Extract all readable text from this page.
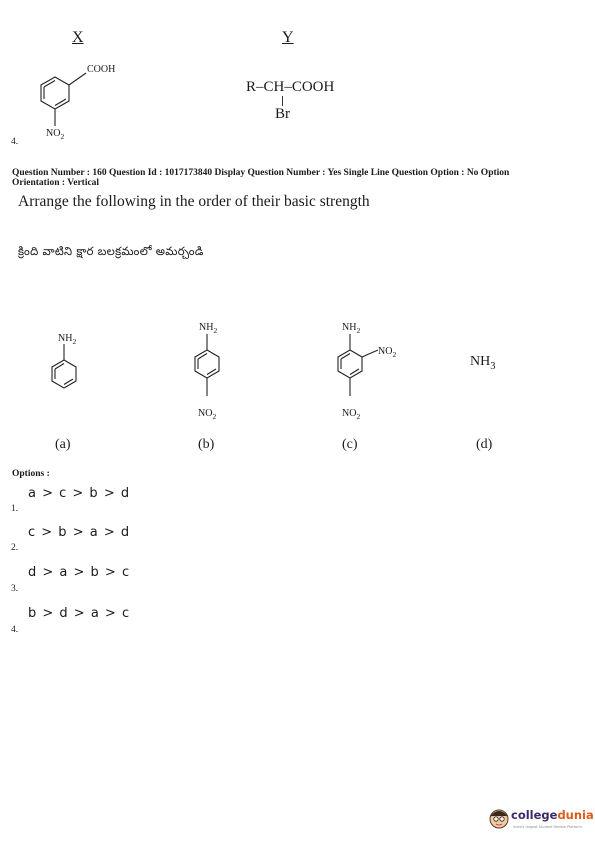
X	Y
COOH
$NO_2$
R–CH–COOH
Br
4.
Question Number : 160 Question Id : 1017173840 Display Question Number : Yes Single Line Question Option : No Option
Orientation : Vertical
Arrange the following in the order of their basic strength
క్రింది వాటిని క్షార బలక్రమంలో అమర్చండి
$NH_2$
$NH_2$
$NO_2$
$NH_2$
$NO_2$
$NO_2$
$NH_3$
(a)	(b)	(c)	(d)
Options :
a > c > b > d
1.
c > b > a > d
2.
d > a > b > c
3.
b > d > a > c
4.
collegedunia
India's largest Student Review Platform
